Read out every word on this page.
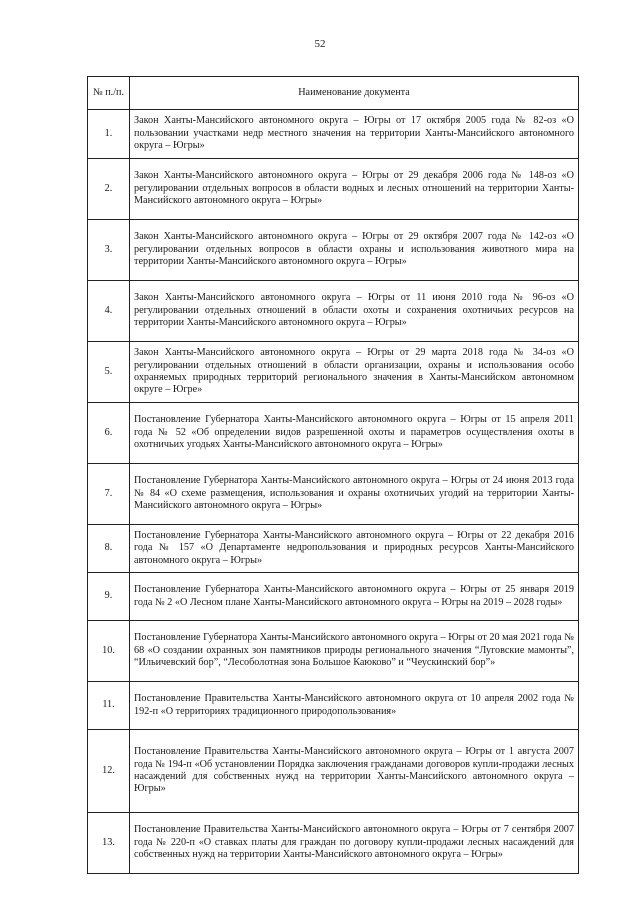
52
№ п./п.	Наименование документа
1.	Закон Ханты-Мансийского автономного округа – Югры от 17 октября 2005 года № 82-оз «О пользовании участками недр местного значения на территории Ханты-Мансийского автономного округа – Югры»
2.	Закон Ханты-Мансийского автономного округа – Югры от 29 декабря 2006 года № 148-оз «О регулировании отдельных вопросов в области водных и лесных отношений на территории Ханты-Мансийского автономного округа – Югры»
3.	Закон Ханты-Мансийского автономного округа – Югры от 29 октября 2007 года № 142-оз «О регулировании отдельных вопросов в области охраны и использования животного мира на территории Ханты-Мансийского автономного округа – Югры»
4.	Закон Ханты-Мансийского автономного округа – Югры от 11 июня 2010 года № 96-оз «О регулировании отдельных отношений в области охоты и сохранения охотничьих ресурсов на территории Ханты-Мансийского автономного округа – Югры»
5.	Закон Ханты-Мансийского автономного округа – Югры от 29 марта 2018 года № 34-оз «О регулировании отдельных отношений в области организации, охраны и использования особо охраняемых природных территорий регионального значения в Ханты-Мансийском автономном округе – Югре»
6.	Постановление Губернатора Ханты-Мансийского автономного округа – Югры от 15 апреля 2011 года № 52 «Об определении видов разрешенной охоты и параметров осуществления охоты в охотничьих угодьях Ханты-Мансийского автономного округа – Югры»
7.	Постановление Губернатора Ханты-Мансийского автономного округа – Югры от 24 июня 2013 года № 84 «О схеме размещения, использования и охраны охотничьих угодий на территории Ханты-Мансийского автономного округа – Югры»
8.	Постановление Губернатора Ханты-Мансийского автономного округа – Югры от 22 декабря 2016 года № 157 «О Департаменте недропользования и природных ресурсов Ханты-Мансийского автономного округа – Югры»
9.	Постановление Губернатора Ханты-Мансийского автономного округа – Югры от 25 января 2019 года № 2 «О Лесном плане Ханты-Мансийского автономного округа – Югры на 2019 – 2028 годы»
10.	Постановление Губернатора Ханты-Мансийского автономного округа – Югры от 20 мая 2021 года № 68 «О создании охранных зон памятников природы регионального значения “Луговские мамонты”, “Ильичевский бор”, “Лесоболотная зона Большое Каюково” и “Чеускинский бор”»
11.	Постановление Правительства Ханты-Мансийского автономного округа от 10 апреля 2002 года № 192-п «О территориях традиционного природопользования»
12.	Постановление Правительства Ханты-Мансийского автономного округа – Югры от 1 августа 2007 года № 194-п «Об установлении Порядка заключения гражданами договоров купли-продажи лесных насаждений для собственных нужд на территории Ханты-Мансийского автономного округа – Югры»
13.	Постановление Правительства Ханты-Мансийского автономного округа – Югры от 7 сентября 2007 года № 220-п «О ставках платы для граждан по договору купли-продажи лесных насаждений для собственных нужд на территории Ханты-Мансийского автономного округа – Югры»
